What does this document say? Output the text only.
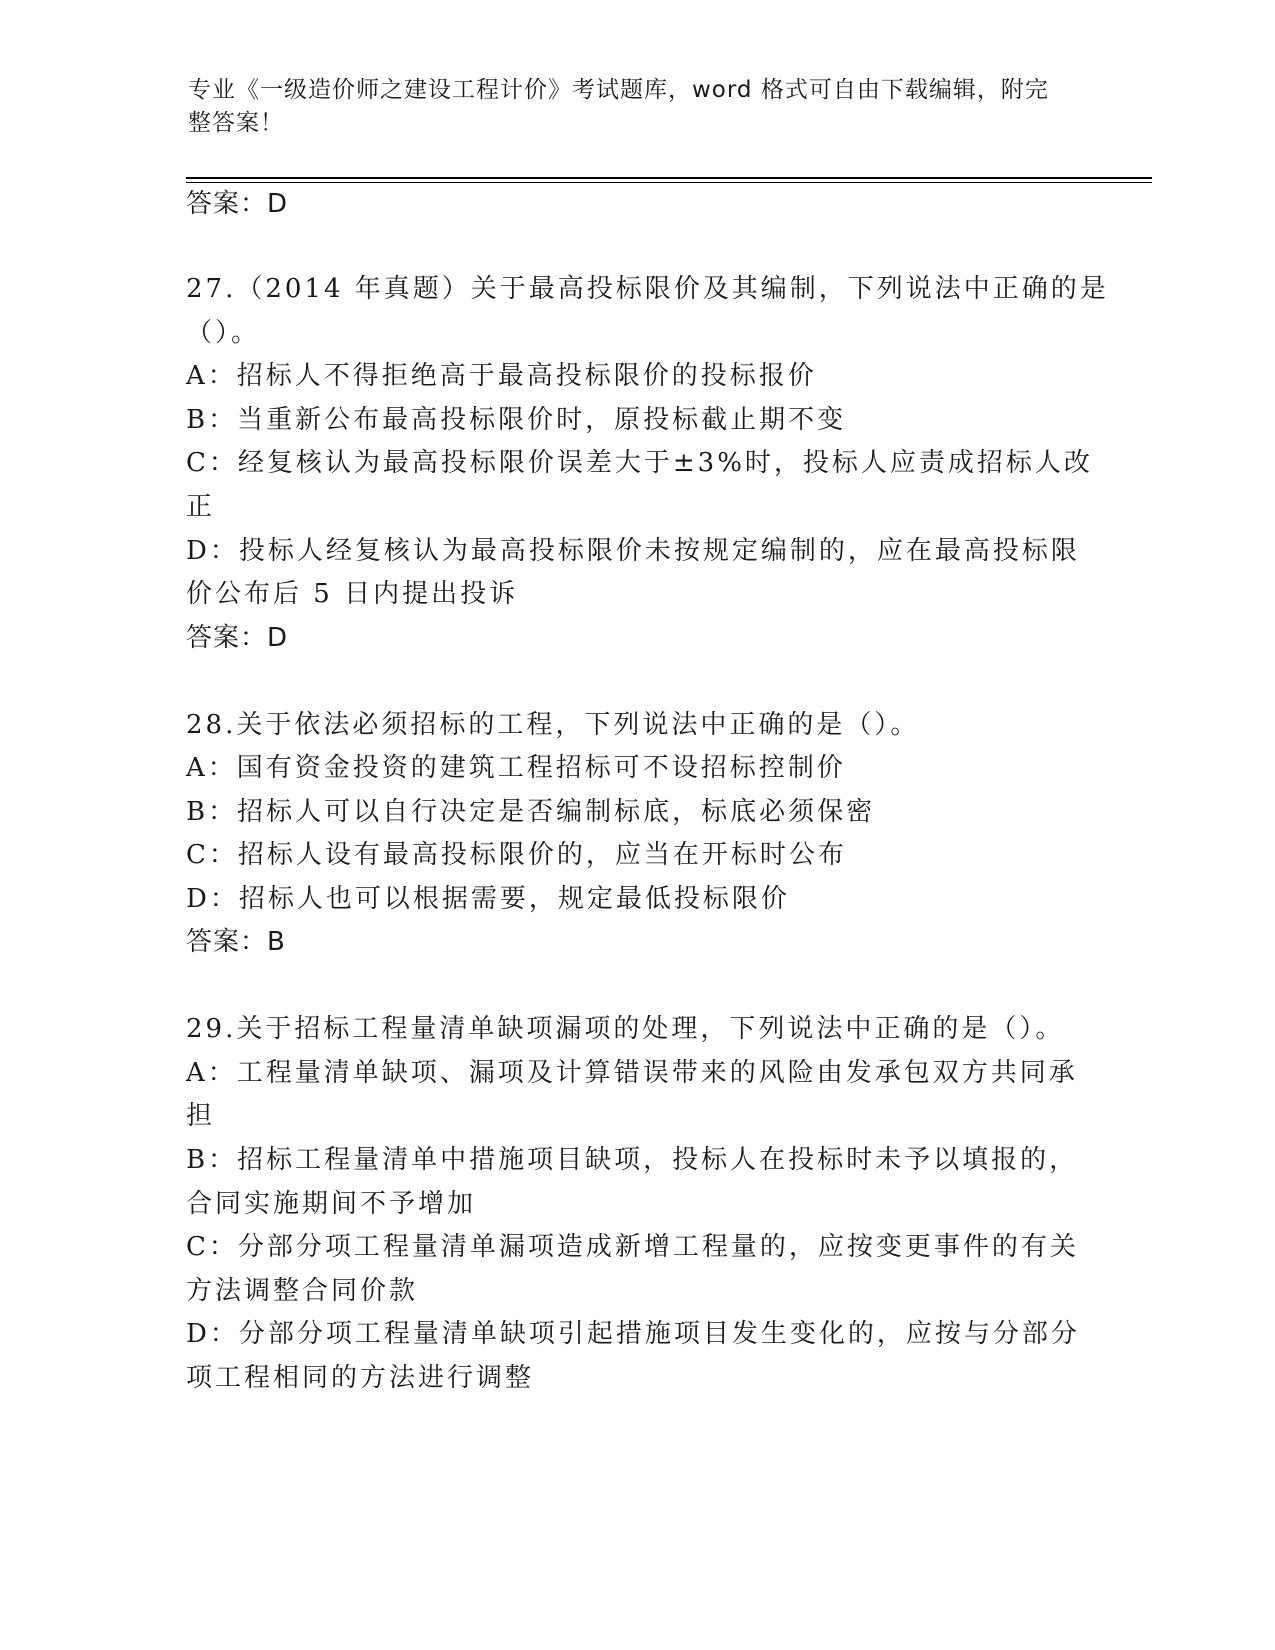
专业《一级造价师之建设工程计价》考试题库，word 格式可自由下载编辑，附完
整答案！
答案：D
27.（2014 年真题）关于最高投标限价及其编制，下列说法中正确的是
（）。
A：招标人不得拒绝高于最高投标限价的投标报价
B：当重新公布最高投标限价时，原投标截止期不变
C：经复核认为最高投标限价误差大于±3%时，投标人应责成招标人改
正
D：投标人经复核认为最高投标限价未按规定编制的，应在最高投标限
价公布后 5 日内提出投诉
答案：D
28.关于依法必须招标的工程，下列说法中正确的是（）。
A：国有资金投资的建筑工程招标可不设招标控制价
B：招标人可以自行决定是否编制标底，标底必须保密
C：招标人设有最高投标限价的，应当在开标时公布
D：招标人也可以根据需要，规定最低投标限价
答案：B
29.关于招标工程量清单缺项漏项的处理，下列说法中正确的是（）。
A：工程量清单缺项、漏项及计算错误带来的风险由发承包双方共同承
担
B：招标工程量清单中措施项目缺项，投标人在投标时未予以填报的，
合同实施期间不予增加
C：分部分项工程量清单漏项造成新增工程量的，应按变更事件的有关
方法调整合同价款
D：分部分项工程量清单缺项引起措施项目发生变化的，应按与分部分
项工程相同的方法进行调整
